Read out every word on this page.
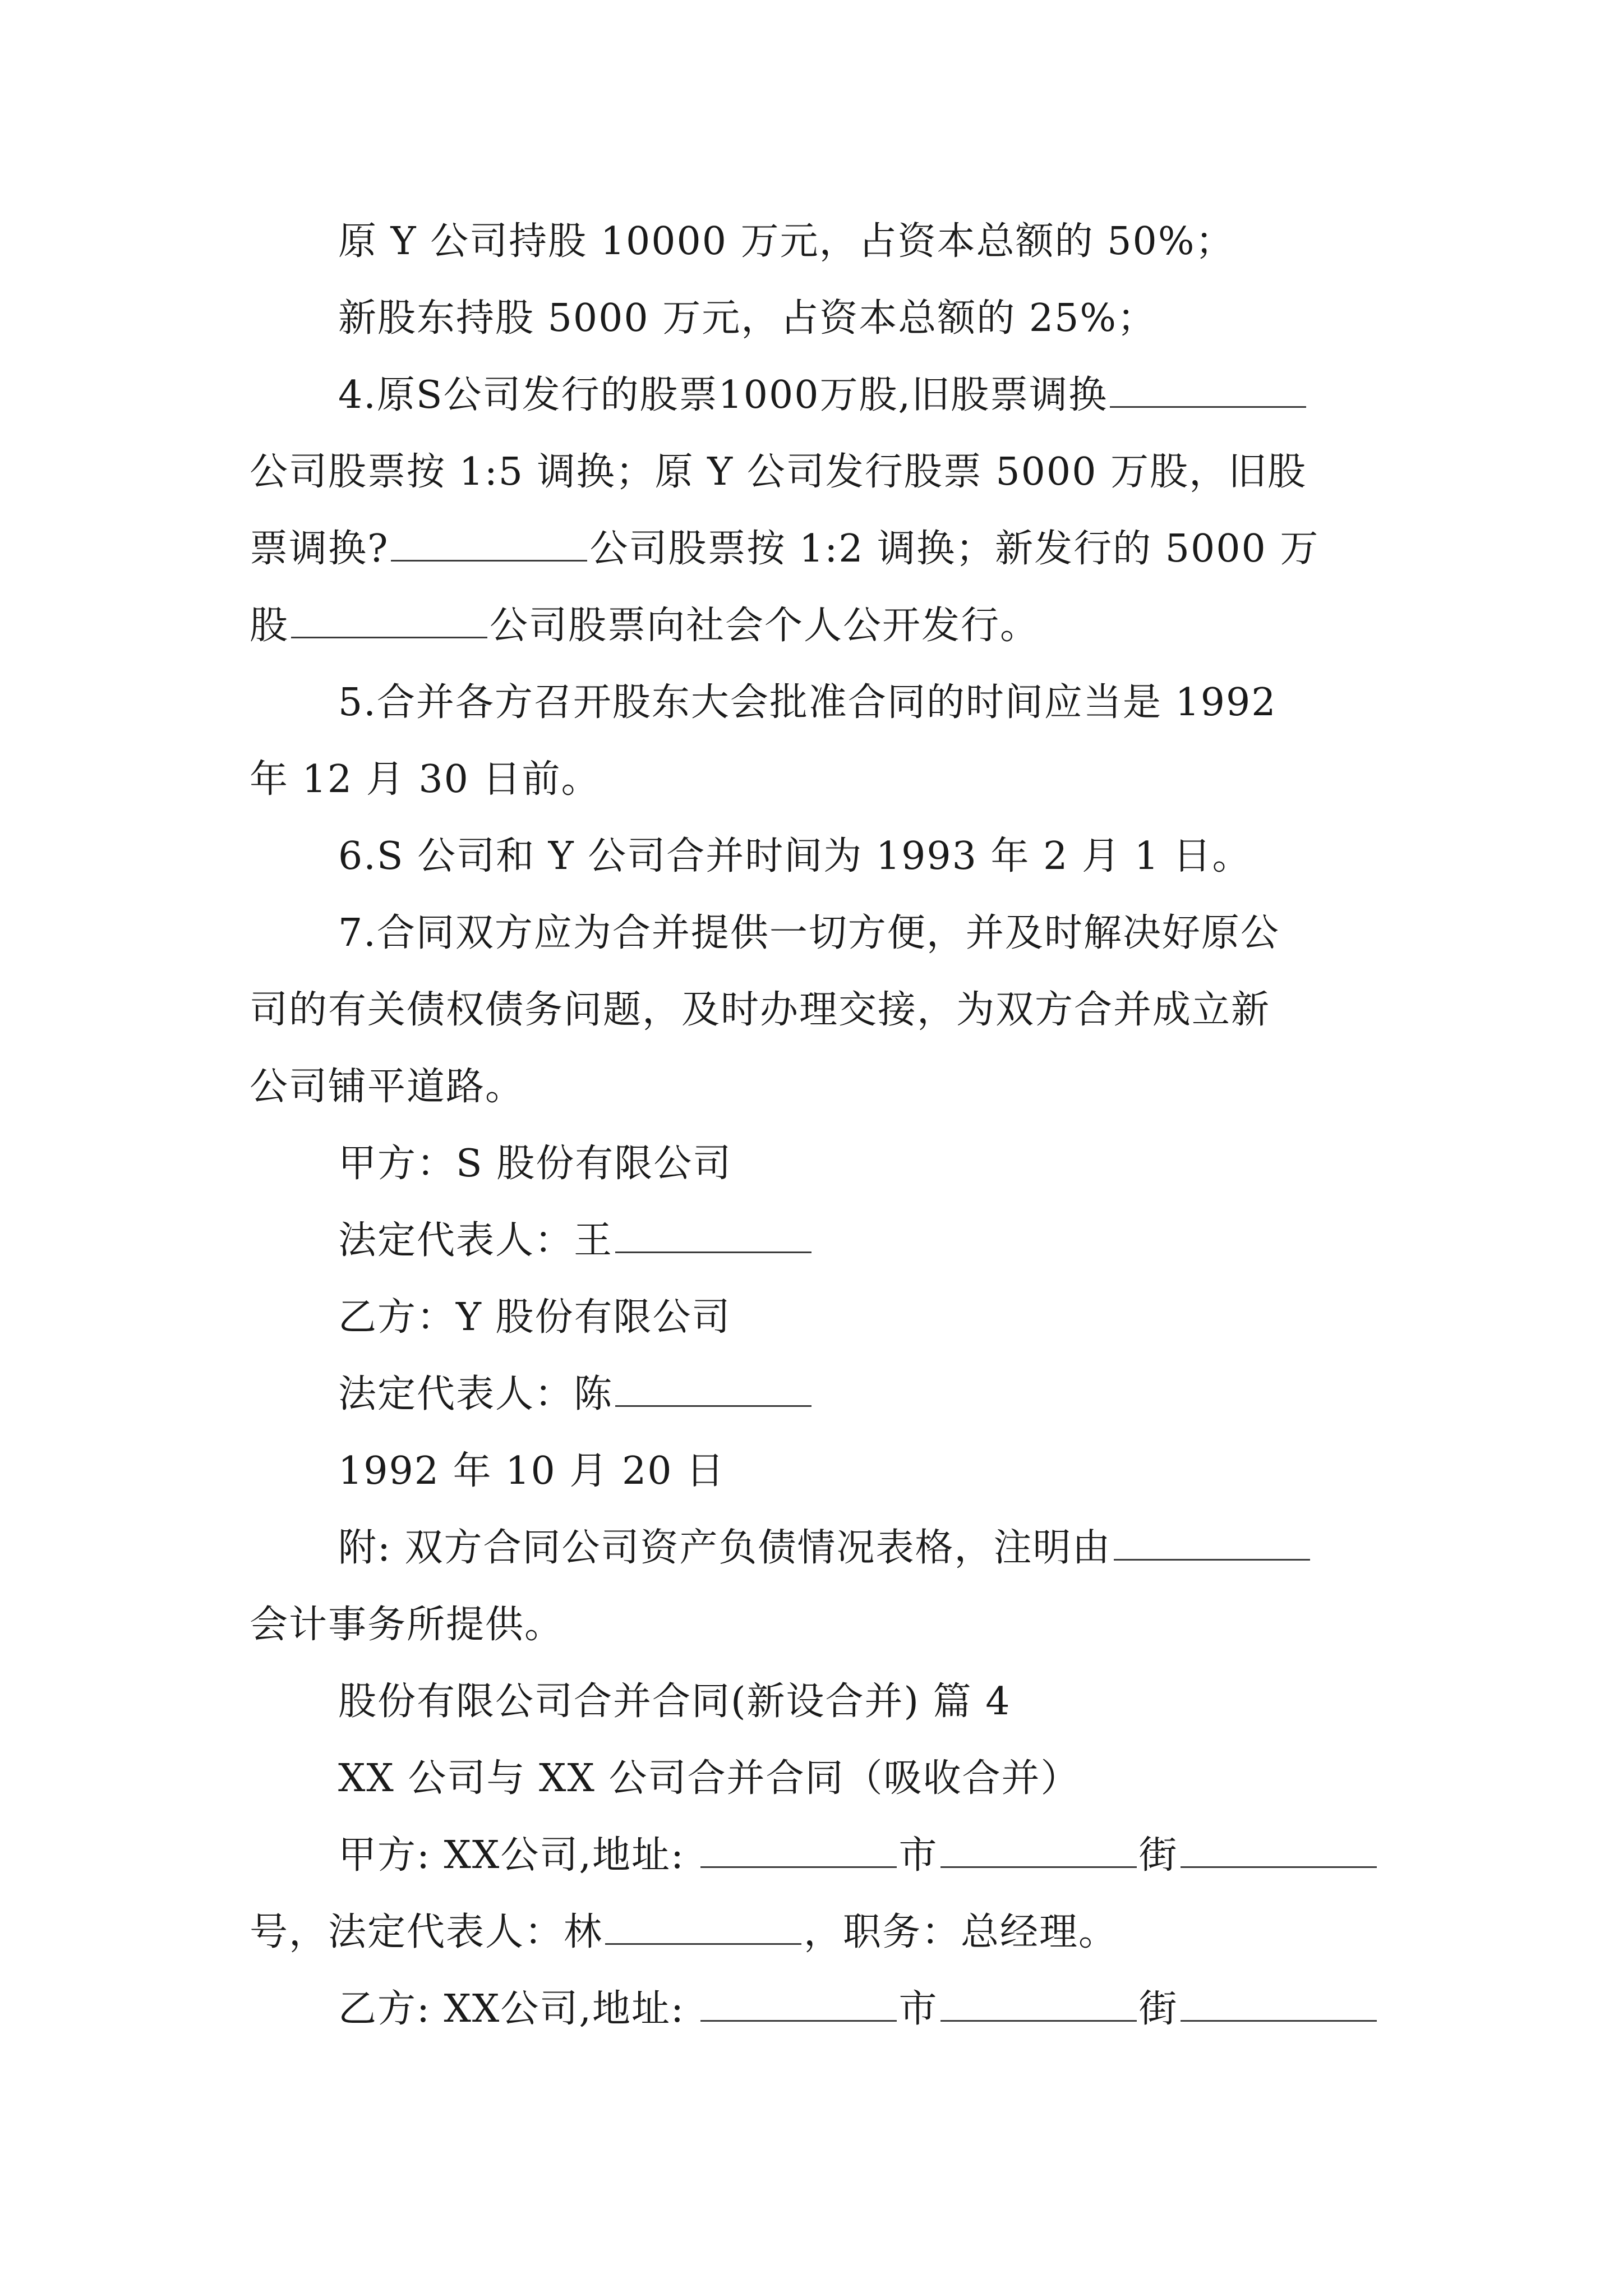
原 Y 公司持股 10000 万元，占资本总额的 50%；
新股东持股 5000 万元，占资本总额的 25%；
4.原S公司发行的股票1000万股,旧股票调换
公司股票按 1:5 调换；原 Y 公司发行股票 5000 万股，旧股
票调换?	公司股票按 1:2 调换；新发行的 5000 万
股	公司股票向社会个人公开发行。
5.合并各方召开股东大会批准合同的时间应当是 1992
年 12 月 30 日前。
6.S 公司和 Y 公司合并时间为 1993 年 2 月 1 日。
7.合同双方应为合并提供一切方便，并及时解决好原公
司的有关债权债务问题，及时办理交接，为双方合并成立新
公司铺平道路。
甲方：S 股份有限公司
法定代表人：王
乙方：Y 股份有限公司
法定代表人：陈
1992 年 10 月 20 日
附: 双方合同公司资产负债情况表格，注明由
会计事务所提供。
股份有限公司合并合同(新设合并) 篇 4
XX 公司与 XX 公司合并合同（吸收合并）
甲方: XX公司,地址:	市	街
号，法定代表人：林	，职务：总经理。
乙方: XX公司,地址:	市	街
